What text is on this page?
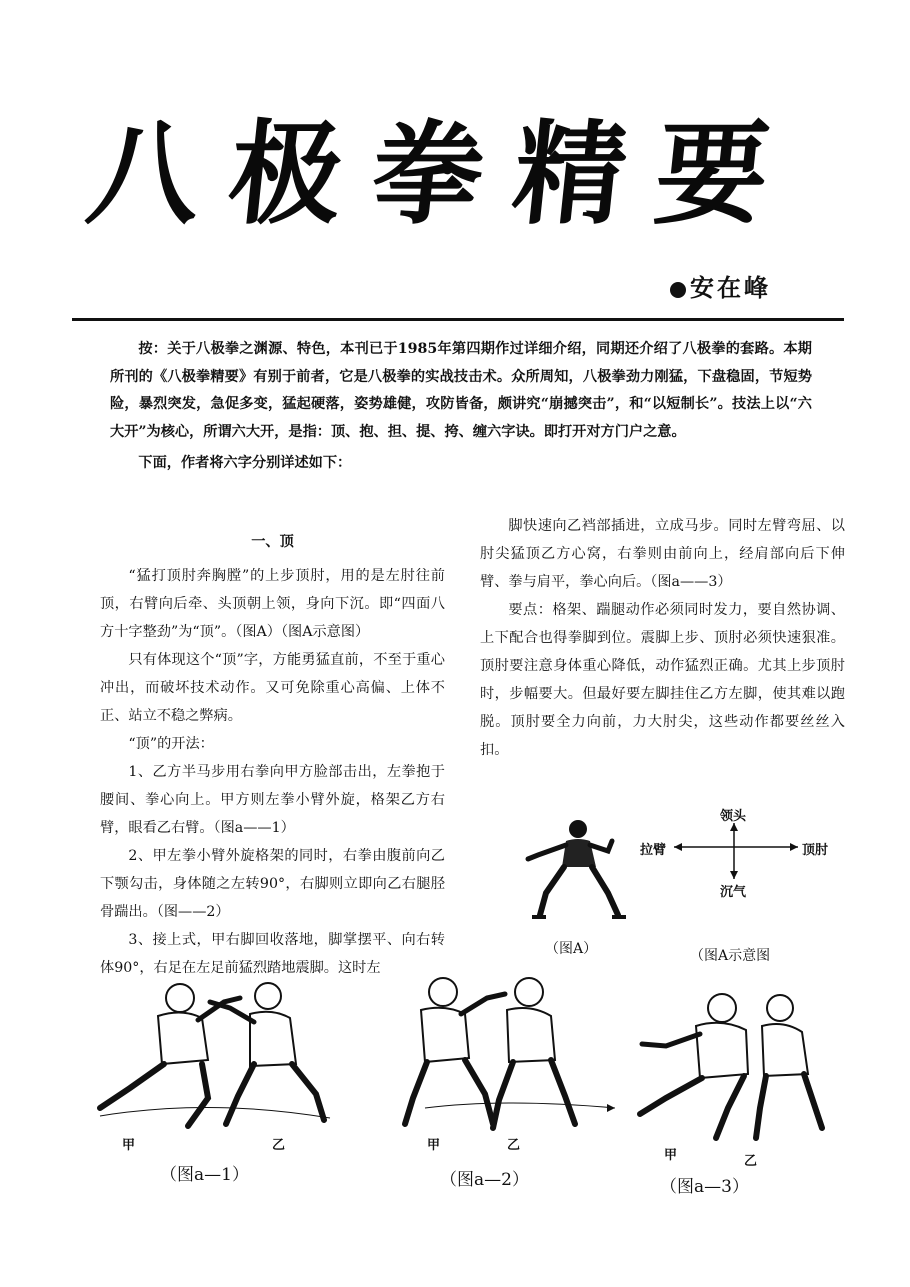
八极拳精要
安在峰

按：关于八极拳之渊源、特色，本刊已于1985年第四期作过详细介绍，同期还介绍了八极拳的套路。本期所刊的《八极拳精要》有别于前者，它是八极拳的实战技击术。众所周知，八极拳劲力刚猛，下盘稳固，节短势险，暴烈突发，急促多变，猛起硬落，姿势雄健，攻防皆备，颇讲究“崩撼突击”，和“以短制长”。技法上以“六大开”为核心，所谓六大开，是指：顶、抱、担、提、挎、缠六字诀。即打开对方门户之意。

下面，作者将六字分别详述如下：

一、顶

“猛打顶肘奔胸膛”的上步顶肘，用的是左肘往前顶，右臂向后牵、头顶朝上领，身向下沉。即“四面八方十字整劲”为“顶”。（图A）（图A示意图）

只有体现这个“顶”字，方能勇猛直前，不至于重心冲出，而破坏技术动作。又可免除重心高偏、上体不正、站立不稳之弊病。

“顶”的开法：

1、乙方半马步用右拳向甲方脸部击出，左拳抱于腰间、拳心向上。甲方则左拳小臂外旋，格架乙方右臂，眼看乙右臂。（图a——1）

2、甲左拳小臂外旋格架的同时，右拳由腹前向乙下颚勾击，身体随之左转90°，右脚则立即向乙右腿胫骨踹出。（图——2）

3、接上式，甲右脚回收落地，脚掌摆平、向右转体90°，右足在左足前猛烈踏地震脚。这时左

脚快速向乙裆部插进，立成马步。同时左臂弯屈、以肘尖猛顶乙方心窝，右拳则由前向上，经肩部向后下伸臂、拳与肩平，拳心向后。（图a——3）

要点：格架、踹腿动作必须同时发力，要自然协调、上下配合也得拳脚到位。震脚上步、顶肘必须快速狠准。顶肘要注意身体重心降低，动作猛烈正确。尤其上步顶肘时，步幅要大。但最好要左脚挂住乙方左脚，使其难以跑脱。顶肘要全力向前，力大肘尖，这些动作都要丝丝入扣。

领头
沉气
拉臂	顶肘
（图A）	（图A示意图
甲	乙
（图a—1）
甲	乙
（图a—2）
甲	乙
（图a—3）
